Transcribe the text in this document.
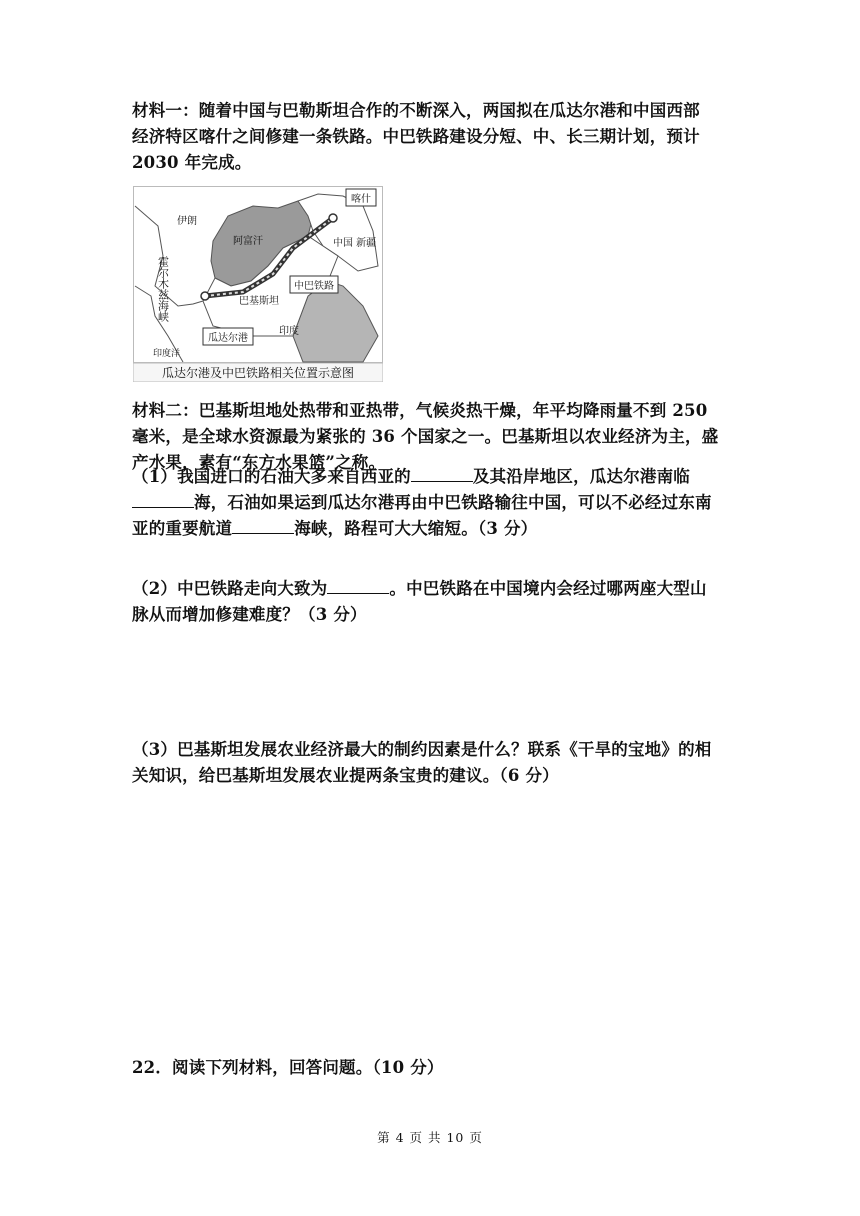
材料一：随着中国与巴勒斯坦合作的不断深入，两国拟在瓜达尔港和中国西部
经济特区喀什之间修建一条铁路。中巴铁路建设分短、中、长三期计划，预计
2030 年完成。
喀什
伊朗
阿富汗	中国 新疆
中巴铁路
巴基斯坦
瓜达尔港
印度
印度洋
霍尔木兹海峡
瓜达尔港及中巴铁路相关位置示意图
材料二：巴基斯坦地处热带和亚热带，气候炎热干燥，年平均降雨量不到 250
毫米，是全球水资源最为紧张的 36 个国家之一。巴基斯坦以农业经济为主，盛
产水果，素有“东方水果篮”之称。
（1）我国进口的石油大多来自西亚的	及其沿岸地区，瓜达尔港南临
海，石油如果运到瓜达尔港再由中巴铁路输往中国，可以不必经过东南
亚的重要航道	海峡，路程可大大缩短。（3 分）
（2）中巴铁路走向大致为	。中巴铁路在中国境内会经过哪两座大型山
脉从而增加修建难度？（3 分）
（3）巴基斯坦发展农业经济最大的制约因素是什么？联系《干旱的宝地》的相
关知识，给巴基斯坦发展农业提两条宝贵的建议。（6 分）
22．阅读下列材料，回答问题。（10 分）
第 4 页 共 10 页
